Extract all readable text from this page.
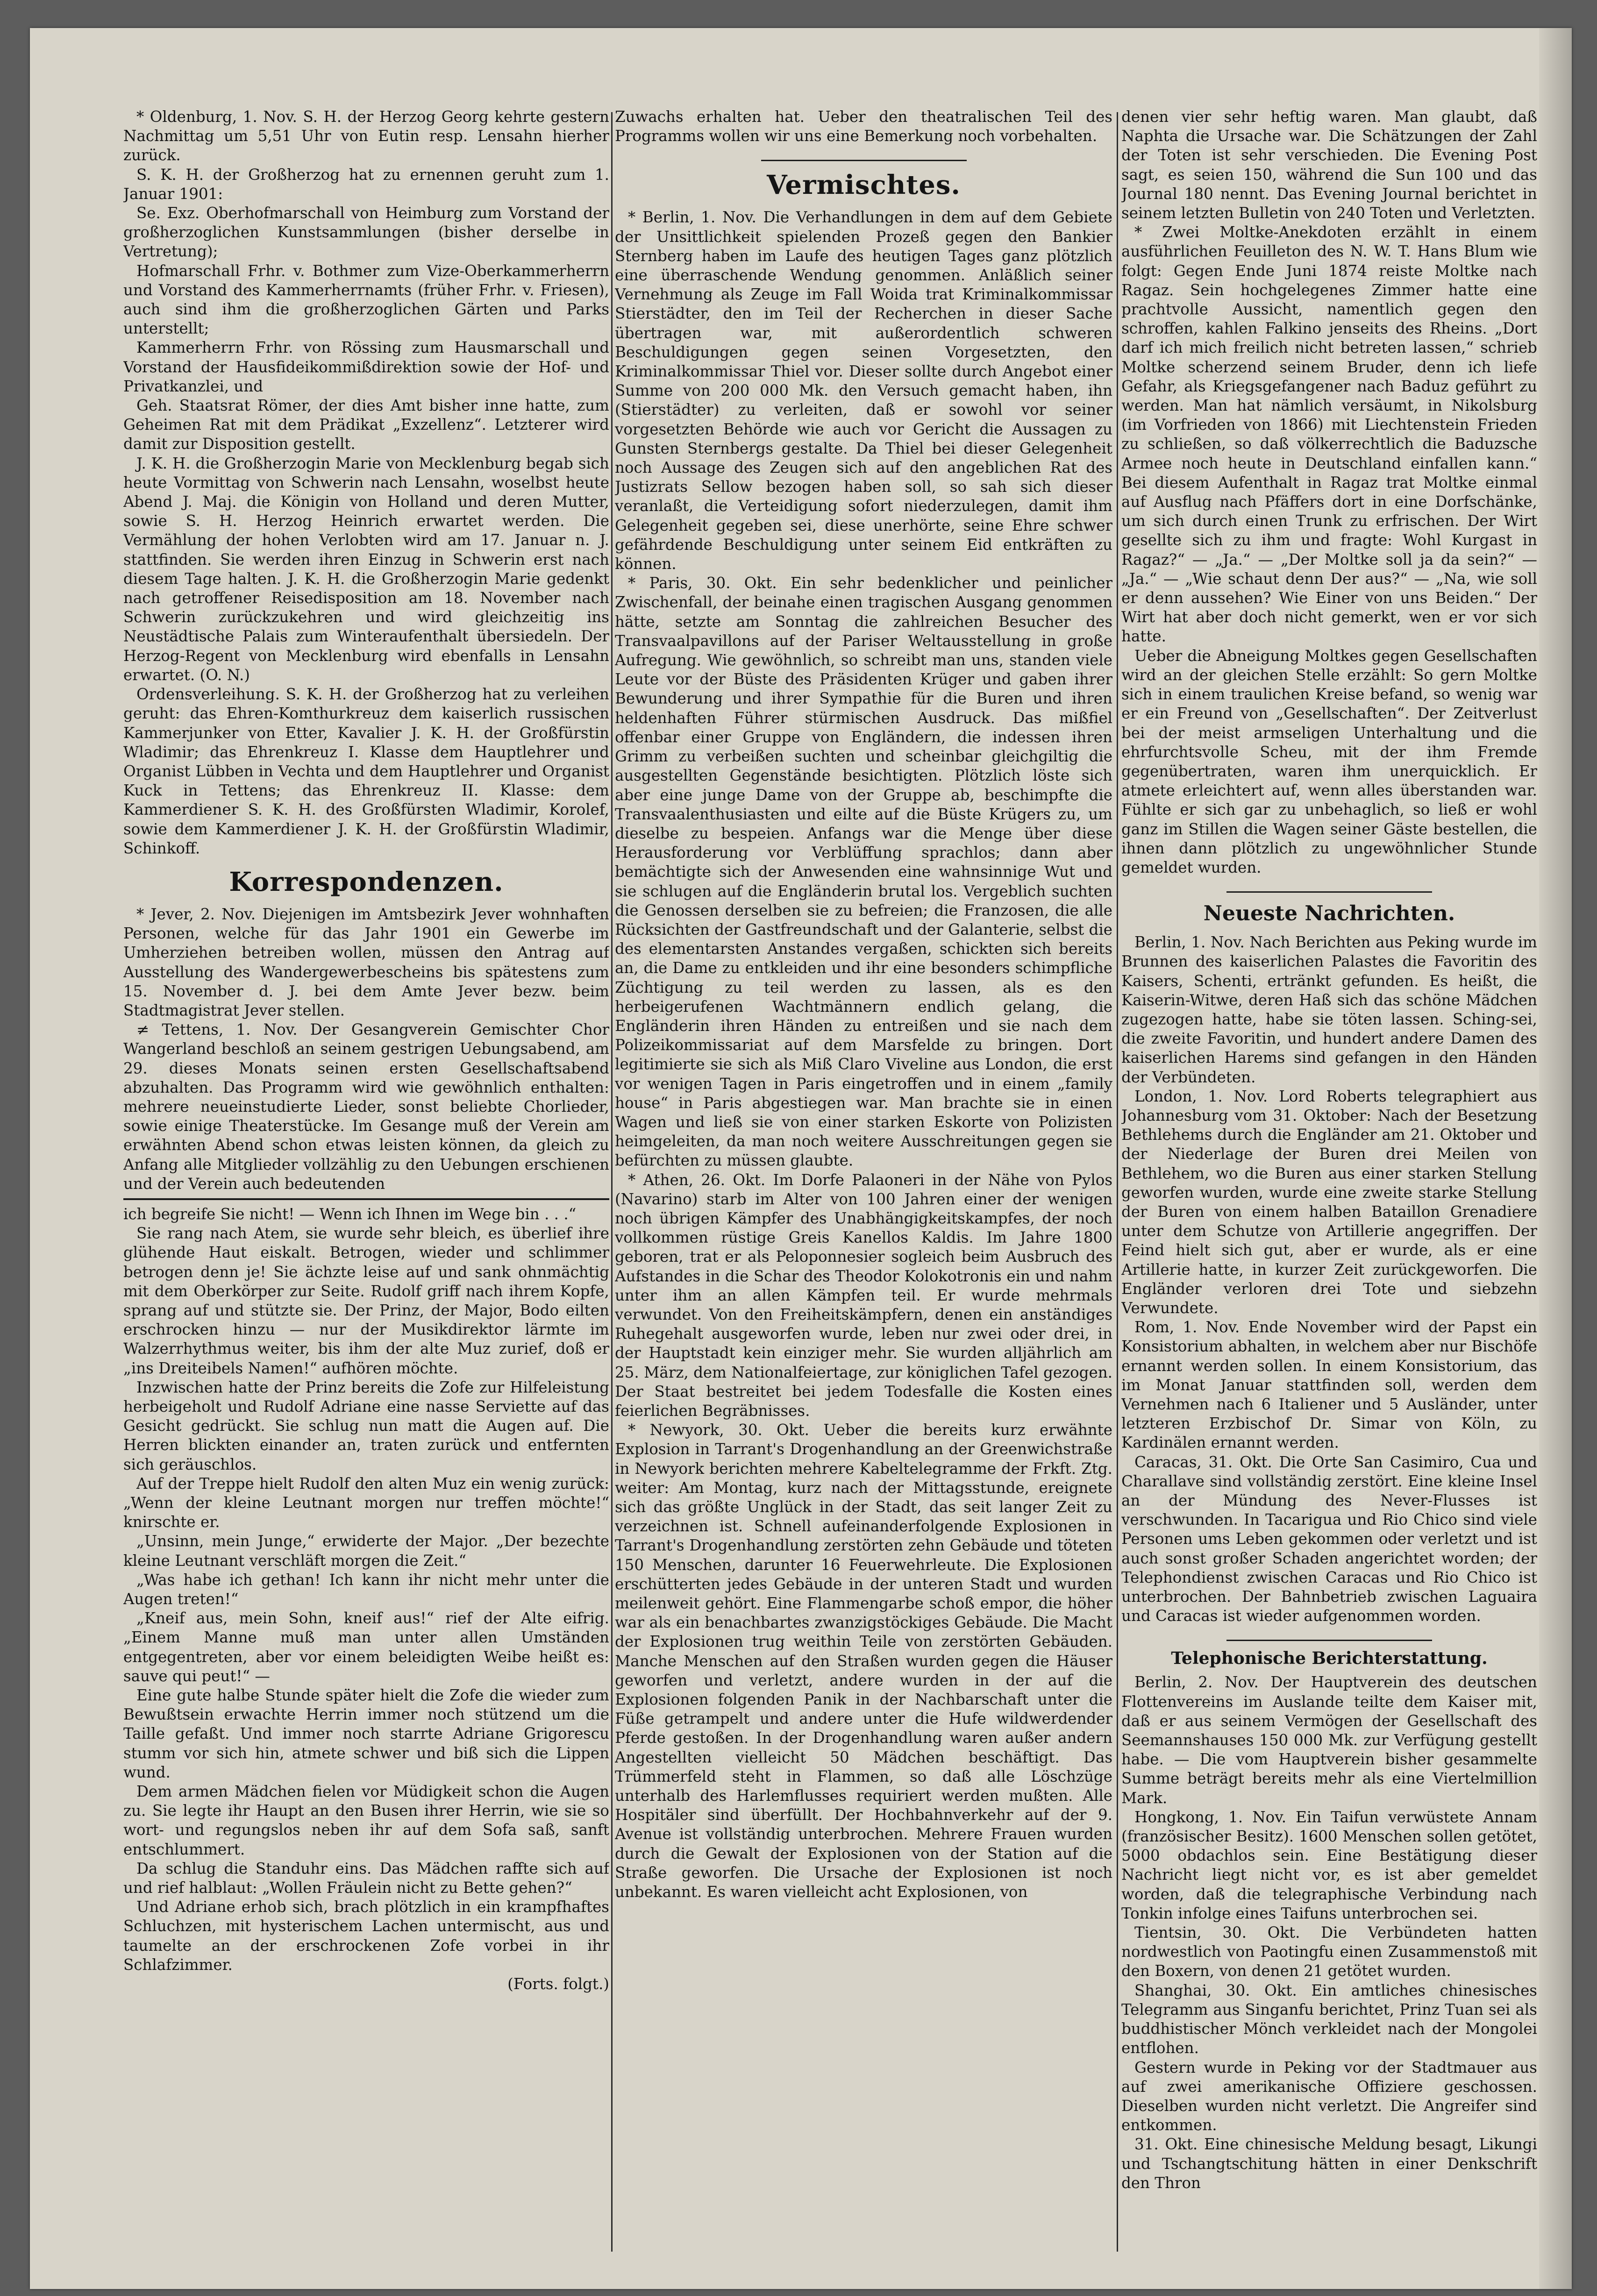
* Oldenburg, 1. Nov. S. H. der Herzog Georg kehrte gestern Nachmittag um 5,51 Uhr von Eutin resp. Lensahn hierher zurück.

S. K. H. der Großherzog hat zu ernennen geruht zum 1. Januar 1901:

Se. Exz. Oberhofmarschall von Heimburg zum Vorstand der großherzoglichen Kunstsammlungen (bisher derselbe in Vertretung);

Hofmarschall Frhr. v. Bothmer zum Vize-Oberkammerherrn und Vorstand des Kammerherrnamts (früher Frhr. v. Friesen), auch sind ihm die großherzoglichen Gärten und Parks unterstellt;

Kammerherrn Frhr. von Rössing zum Hausmarschall und Vorstand der Hausfideikommißdirektion sowie der Hof- und Privatkanzlei, und

Geh. Staatsrat Römer, der dies Amt bisher inne hatte, zum Geheimen Rat mit dem Prädikat „Exzellenz“. Letzterer wird damit zur Disposition gestellt.

J. K. H. die Großherzogin Marie von Mecklenburg begab sich heute Vormittag von Schwerin nach Lensahn, woselbst heute Abend J. Maj. die Königin von Holland und deren Mutter, sowie S. H. Herzog Heinrich erwartet werden. Die Vermählung der hohen Verlobten wird am 17. Januar n. J. stattfinden. Sie werden ihren Einzug in Schwerin erst nach diesem Tage halten. J. K. H. die Großherzogin Marie gedenkt nach getroffener Reisedisposition am 18. November nach Schwerin zurückzukehren und wird gleichzeitig ins Neustädtische Palais zum Winteraufenthalt übersiedeln. Der Herzog-Regent von Mecklenburg wird ebenfalls in Lensahn erwartet. (O. N.)

Ordensverleihung. S. K. H. der Großherzog hat zu verleihen geruht: das Ehren-Komthurkreuz dem kaiserlich russischen Kammerjunker von Etter, Kavalier J. K. H. der Großfürstin Wladimir; das Ehrenkreuz I. Klasse dem Hauptlehrer und Organist Lübben in Vechta und dem Hauptlehrer und Organist Kuck in Tettens; das Ehrenkreuz II. Klasse: dem Kammerdiener S. K. H. des Großfürsten Wladimir, Korolef, sowie dem Kammerdiener J. K. H. der Großfürstin Wladimir, Schinkoff.

Korrespondenzen.

* Jever, 2. Nov. Diejenigen im Amtsbezirk Jever wohnhaften Personen, welche für das Jahr 1901 ein Gewerbe im Umherziehen betreiben wollen, müssen den Antrag auf Ausstellung des Wandergewerbescheins bis spätestens zum 15. November d. J. bei dem Amte Jever bezw. beim Stadtmagistrat Jever stellen.

≠ Tettens, 1. Nov. Der Gesangverein Gemischter Chor Wangerland beschloß an seinem gestrigen Uebungsabend, am 29. dieses Monats seinen ersten Gesellschaftsabend abzuhalten. Das Programm wird wie gewöhnlich enthalten: mehrere neueinstudierte Lieder, sonst beliebte Chorlieder, sowie einige Theaterstücke. Im Gesange muß der Verein am erwähnten Abend schon etwas leisten können, da gleich zu Anfang alle Mitglieder vollzählig zu den Uebungen erschienen und der Verein auch bedeutenden

ich begreife Sie nicht! — Wenn ich Ihnen im Wege bin . . .“

Sie rang nach Atem, sie wurde sehr bleich, es überlief ihre glühende Haut eiskalt. Betrogen, wieder und schlimmer betrogen denn je! Sie ächzte leise auf und sank ohnmächtig mit dem Oberkörper zur Seite. Rudolf griff nach ihrem Kopfe, sprang auf und stützte sie. Der Prinz, der Major, Bodo eilten erschrocken hinzu — nur der Musikdirektor lärmte im Walzerrhythmus weiter, bis ihm der alte Muz zurief, doß er „ins Dreiteibels Namen!“ aufhören möchte.

Inzwischen hatte der Prinz bereits die Zofe zur Hilfeleistung herbeigeholt und Rudolf Adriane eine nasse Serviette auf das Gesicht gedrückt. Sie schlug nun matt die Augen auf. Die Herren blickten einander an, traten zurück und entfernten sich geräuschlos.

Auf der Treppe hielt Rudolf den alten Muz ein wenig zurück: „Wenn der kleine Leutnant morgen nur treffen möchte!“ knirschte er.

„Unsinn, mein Junge,“ erwiderte der Major. „Der bezechte kleine Leutnant verschläft morgen die Zeit.“

„Was habe ich gethan! Ich kann ihr nicht mehr unter die Augen treten!“

„Kneif aus, mein Sohn, kneif aus!“ rief der Alte eifrig. „Einem Manne muß man unter allen Umständen entgegentreten, aber vor einem beleidigten Weibe heißt es: sauve qui peut!“ —

Eine gute halbe Stunde später hielt die Zofe die wieder zum Bewußtsein erwachte Herrin immer noch stützend um die Taille gefaßt. Und immer noch starrte Adriane Grigorescu stumm vor sich hin, atmete schwer und biß sich die Lippen wund.

Dem armen Mädchen fielen vor Müdigkeit schon die Augen zu. Sie legte ihr Haupt an den Busen ihrer Herrin, wie sie so wort- und regungslos neben ihr auf dem Sofa saß, sanft entschlummert.

Da schlug die Standuhr eins. Das Mädchen raffte sich auf und rief halblaut: „Wollen Fräulein nicht zu Bette gehen?“

Und Adriane erhob sich, brach plötzlich in ein krampfhaftes Schluchzen, mit hysterischem Lachen untermischt, aus und taumelte an der erschrockenen Zofe vorbei in ihr Schlafzimmer.

(Forts. folgt.)

Zuwachs erhalten hat. Ueber den theatralischen Teil des Programms wollen wir uns eine Bemerkung noch vorbehalten.

Vermischtes.

* Berlin, 1. Nov. Die Verhandlungen in dem auf dem Gebiete der Unsittlichkeit spielenden Prozeß gegen den Bankier Sternberg haben im Laufe des heutigen Tages ganz plötzlich eine überraschende Wendung genommen. Anläßlich seiner Vernehmung als Zeuge im Fall Woida trat Kriminalkommissar Stierstädter, den im Teil der Recherchen in dieser Sache übertragen war, mit außerordentlich schweren Beschuldigungen gegen seinen Vorgesetzten, den Kriminalkommissar Thiel vor. Dieser sollte durch Angebot einer Summe von 200 000 Mk. den Versuch gemacht haben, ihn (Stierstädter) zu verleiten, daß er sowohl vor seiner vorgesetzten Behörde wie auch vor Gericht die Aussagen zu Gunsten Sternbergs gestalte. Da Thiel bei dieser Gelegenheit noch Aussage des Zeugen sich auf den angeblichen Rat des Justizrats Sellow bezogen haben soll, so sah sich dieser veranlaßt, die Verteidigung sofort niederzulegen, damit ihm Gelegenheit gegeben sei, diese unerhörte, seine Ehre schwer gefährdende Beschuldigung unter seinem Eid entkräften zu können.

* Paris, 30. Okt. Ein sehr bedenklicher und peinlicher Zwischenfall, der beinahe einen tragischen Ausgang genommen hätte, setzte am Sonntag die zahlreichen Besucher des Transvaalpavillons auf der Pariser Weltausstellung in große Aufregung. Wie gewöhnlich, so schreibt man uns, standen viele Leute vor der Büste des Präsidenten Krüger und gaben ihrer Bewunderung und ihrer Sympathie für die Buren und ihren heldenhaften Führer stürmischen Ausdruck. Das mißfiel offenbar einer Gruppe von Engländern, die indessen ihren Grimm zu verbeißen suchten und scheinbar gleichgiltig die ausgestellten Gegenstände besichtigten. Plötzlich löste sich aber eine junge Dame von der Gruppe ab, beschimpfte die Transvaalenthusiasten und eilte auf die Büste Krügers zu, um dieselbe zu bespeien. Anfangs war die Menge über diese Herausforderung vor Verblüffung sprachlos; dann aber bemächtigte sich der Anwesenden eine wahnsinnige Wut und sie schlugen auf die Engländerin brutal los. Vergeblich suchten die Genossen derselben sie zu befreien; die Franzosen, die alle Rücksichten der Gastfreundschaft und der Galanterie, selbst die des elementarsten Anstandes vergaßen, schickten sich bereits an, die Dame zu entkleiden und ihr eine besonders schimpfliche Züchtigung zu teil werden zu lassen, als es den herbeigerufenen Wachtmännern endlich gelang, die Engländerin ihren Händen zu entreißen und sie nach dem Polizeikommissariat auf dem Marsfelde zu bringen. Dort legitimierte sie sich als Miß Claro Viveline aus London, die erst vor wenigen Tagen in Paris eingetroffen und in einem „family house“ in Paris abgestiegen war. Man brachte sie in einen Wagen und ließ sie von einer starken Eskorte von Polizisten heimgeleiten, da man noch weitere Ausschreitungen gegen sie befürchten zu müssen glaubte.

* Athen, 26. Okt. Im Dorfe Palaoneri in der Nähe von Pylos (Navarino) starb im Alter von 100 Jahren einer der wenigen noch übrigen Kämpfer des Unabhängigkeitskampfes, der noch vollkommen rüstige Greis Kanellos Kaldis. Im Jahre 1800 geboren, trat er als Peloponnesier sogleich beim Ausbruch des Aufstandes in die Schar des Theodor Kolokotronis ein und nahm unter ihm an allen Kämpfen teil. Er wurde mehrmals verwundet. Von den Freiheitskämpfern, denen ein anständiges Ruhegehalt ausgeworfen wurde, leben nur zwei oder drei, in der Hauptstadt kein einziger mehr. Sie wurden alljährlich am 25. März, dem Nationalfeiertage, zur königlichen Tafel gezogen. Der Staat bestreitet bei jedem Todesfalle die Kosten eines feierlichen Begräbnisses.

* Newyork, 30. Okt. Ueber die bereits kurz erwähnte Explosion in Tarrant's Drogenhandlung an der Greenwichstraße in Newyork berichten mehrere Kabeltelegramme der Frkft. Ztg. weiter: Am Montag, kurz nach der Mittagsstunde, ereignete sich das größte Unglück in der Stadt, das seit langer Zeit zu verzeichnen ist. Schnell aufeinanderfolgende Explosionen in Tarrant's Drogenhandlung zerstörten zehn Gebäude und töteten 150 Menschen, darunter 16 Feuerwehrleute. Die Explosionen erschütterten jedes Gebäude in der unteren Stadt und wurden meilenweit gehört. Eine Flammengarbe schoß empor, die höher war als ein benachbartes zwanzigstöckiges Gebäude. Die Macht der Explosionen trug weithin Teile von zerstörten Gebäuden. Manche Menschen auf den Straßen wurden gegen die Häuser geworfen und verletzt, andere wurden in der auf die Explosionen folgenden Panik in der Nachbarschaft unter die Füße getrampelt und andere unter die Hufe wildwerdender Pferde gestoßen. In der Drogenhandlung waren außer andern Angestellten vielleicht 50 Mädchen beschäftigt. Das Trümmerfeld steht in Flammen, so daß alle Löschzüge unterhalb des Harlemflusses requiriert werden mußten. Alle Hospitäler sind überfüllt. Der Hochbahnverkehr auf der 9. Avenue ist vollständig unterbrochen. Mehrere Frauen wurden durch die Gewalt der Explosionen von der Station auf die Straße geworfen. Die Ursache der Explosionen ist noch unbekannt. Es waren vielleicht acht Explosionen, von

denen vier sehr heftig waren. Man glaubt, daß Naphta die Ursache war. Die Schätzungen der Zahl der Toten ist sehr verschieden. Die Evening Post sagt, es seien 150, während die Sun 100 und das Journal 180 nennt. Das Evening Journal berichtet in seinem letzten Bulletin von 240 Toten und Verletzten.

* Zwei Moltke-Anekdoten erzählt in einem ausführlichen Feuilleton des N. W. T. Hans Blum wie folgt: Gegen Ende Juni 1874 reiste Moltke nach Ragaz. Sein hochgelegenes Zimmer hatte eine prachtvolle Aussicht, namentlich gegen den schroffen, kahlen Falkino jenseits des Rheins. „Dort darf ich mich freilich nicht betreten lassen,“ schrieb Moltke scherzend seinem Bruder, denn ich liefe Gefahr, als Kriegsgefangener nach Baduz geführt zu werden. Man hat nämlich versäumt, in Nikolsburg (im Vorfrieden von 1866) mit Liechtenstein Frieden zu schließen, so daß völkerrechtlich die Baduzsche Armee noch heute in Deutschland einfallen kann.“ Bei diesem Aufenthalt in Ragaz trat Moltke einmal auf Ausflug nach Pfäffers dort in eine Dorfschänke, um sich durch einen Trunk zu erfrischen. Der Wirt gesellte sich zu ihm und fragte: Wohl Kurgast in Ragaz?“ — „Ja.“ — „Der Moltke soll ja da sein?“ — „Ja.“ — „Wie schaut denn Der aus?“ — „Na, wie soll er denn aussehen? Wie Einer von uns Beiden.“ Der Wirt hat aber doch nicht gemerkt, wen er vor sich hatte.

Ueber die Abneigung Moltkes gegen Gesellschaften wird an der gleichen Stelle erzählt: So gern Moltke sich in einem traulichen Kreise befand, so wenig war er ein Freund von „Gesellschaften“. Der Zeitverlust bei der meist armseligen Unterhaltung und die ehrfurchtsvolle Scheu, mit der ihm Fremde gegenübertraten, waren ihm unerquicklich. Er atmete erleichtert auf, wenn alles überstanden war. Fühlte er sich gar zu unbehaglich, so ließ er wohl ganz im Stillen die Wagen seiner Gäste bestellen, die ihnen dann plötzlich zu ungewöhnlicher Stunde gemeldet wurden.

Neueste Nachrichten.

Berlin, 1. Nov. Nach Berichten aus Peking wurde im Brunnen des kaiserlichen Palastes die Favoritin des Kaisers, Schenti, ertränkt gefunden. Es heißt, die Kaiserin-Witwe, deren Haß sich das schöne Mädchen zugezogen hatte, habe sie töten lassen. Sching-sei, die zweite Favoritin, und hundert andere Damen des kaiserlichen Harems sind gefangen in den Händen der Verbündeten.

London, 1. Nov. Lord Roberts telegraphiert aus Johannesburg vom 31. Oktober: Nach der Besetzung Bethlehems durch die Engländer am 21. Oktober und der Niederlage der Buren drei Meilen von Bethlehem, wo die Buren aus einer starken Stellung geworfen wurden, wurde eine zweite starke Stellung der Buren von einem halben Bataillon Grenadiere unter dem Schutze von Artillerie angegriffen. Der Feind hielt sich gut, aber er wurde, als er eine Artillerie hatte, in kurzer Zeit zurückgeworfen. Die Engländer verloren drei Tote und siebzehn Verwundete.

Rom, 1. Nov. Ende November wird der Papst ein Konsistorium abhalten, in welchem aber nur Bischöfe ernannt werden sollen. In einem Konsistorium, das im Monat Januar stattfinden soll, werden dem Vernehmen nach 6 Italiener und 5 Ausländer, unter letzteren Erzbischof Dr. Simar von Köln, zu Kardinälen ernannt werden.

Caracas, 31. Okt. Die Orte San Casimiro, Cua und Charallave sind vollständig zerstört. Eine kleine Insel an der Mündung des Never-Flusses ist verschwunden. In Tacarigua und Rio Chico sind viele Personen ums Leben gekommen oder verletzt und ist auch sonst großer Schaden angerichtet worden; der Telephondienst zwischen Caracas und Rio Chico ist unterbrochen. Der Bahnbetrieb zwischen Laguaira und Caracas ist wieder aufgenommen worden.

Telephonische Berichterstattung.

Berlin, 2. Nov. Der Hauptverein des deutschen Flottenvereins im Auslande teilte dem Kaiser mit, daß er aus seinem Vermögen der Gesellschaft des Seemannshauses 150 000 Mk. zur Verfügung gestellt habe. — Die vom Hauptverein bisher gesammelte Summe beträgt bereits mehr als eine Viertelmillion Mark.

Hongkong, 1. Nov. Ein Taifun verwüstete Annam (französischer Besitz). 1600 Menschen sollen getötet, 5000 obdachlos sein. Eine Bestätigung dieser Nachricht liegt nicht vor, es ist aber gemeldet worden, daß die telegraphische Verbindung nach Tonkin infolge eines Taifuns unterbrochen sei.

Tientsin, 30. Okt. Die Verbündeten hatten nordwestlich von Paotingfu einen Zusammenstoß mit den Boxern, von denen 21 getötet wurden.

Shanghai, 30. Okt. Ein amtliches chinesisches Telegramm aus Singanfu berichtet, Prinz Tuan sei als buddhistischer Mönch verkleidet nach der Mongolei entflohen.

Gestern wurde in Peking vor der Stadtmauer aus auf zwei amerikanische Offiziere geschossen. Dieselben wurden nicht verletzt. Die Angreifer sind entkommen.

31. Okt. Eine chinesische Meldung besagt, Likungi und Tschangtschitung hätten in einer Denkschrift den Thron
